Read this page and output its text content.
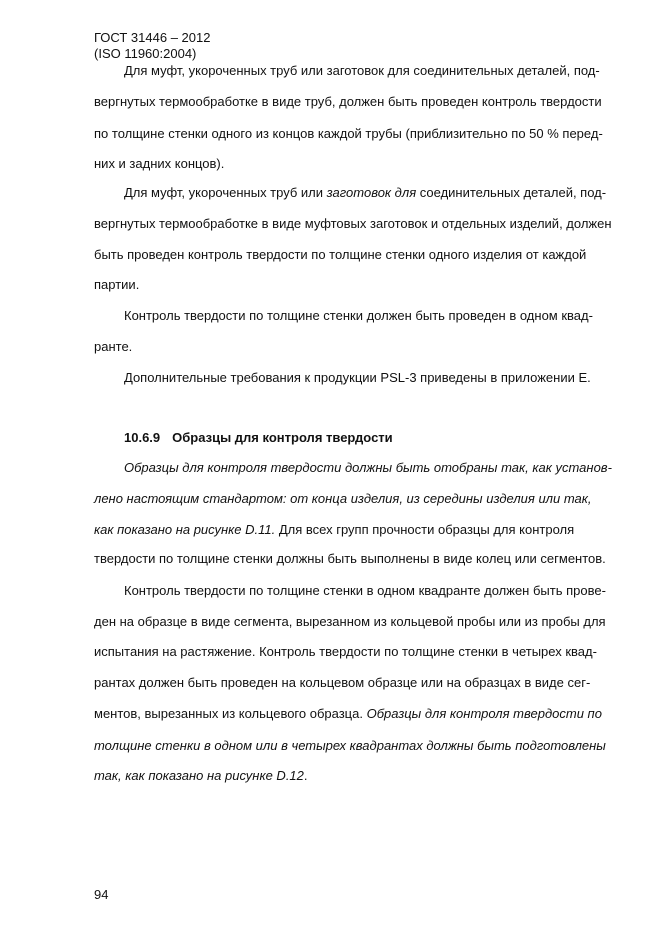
ГОСТ 31446 – 2012
(ISO 11960:2004)
Для муфт, укороченных труб или заготовок для соединительных деталей, под-
вергнутых термообработке в виде труб, должен быть проведен контроль твердости
по толщине стенки одного из концов каждой трубы (приблизительно по 50 % перед-
них и задних концов).
Для муфт, укороченных труб или заготовок для соединительных деталей, под-
вергнутых термообработке в виде муфтовых заготовок и отдельных изделий, должен
быть проведен контроль твердости по толщине стенки одного изделия от каждой
партии.
Контроль твердости по толщине стенки должен быть проведен в одном квад-
ранте.
Дополнительные требования к продукции PSL-3 приведены в приложении Е.
10.6.9 Образцы для контроля твердости
Образцы для контроля твердости должны быть отобраны так, как установ-
лено настоящим стандартом: от конца изделия, из середины изделия или так,
как показано на рисунке D.11. Для всех групп прочности образцы для контроля
твердости по толщине стенки должны быть выполнены в виде колец или сегментов.
Контроль твердости по толщине стенки в одном квадранте должен быть прове-
ден на образце в виде сегмента, вырезанном из кольцевой пробы или из пробы для
испытания на растяжение. Контроль твердости по толщине стенки в четырех квад-
рантах должен быть проведен на кольцевом образце или на образцах в виде сег-
ментов, вырезанных из кольцевого образца. Образцы для контроля твердости по
толщине стенки в одном или в четырех квадрантах должны быть подготовлены
так, как показано на рисунке D.12.
94
